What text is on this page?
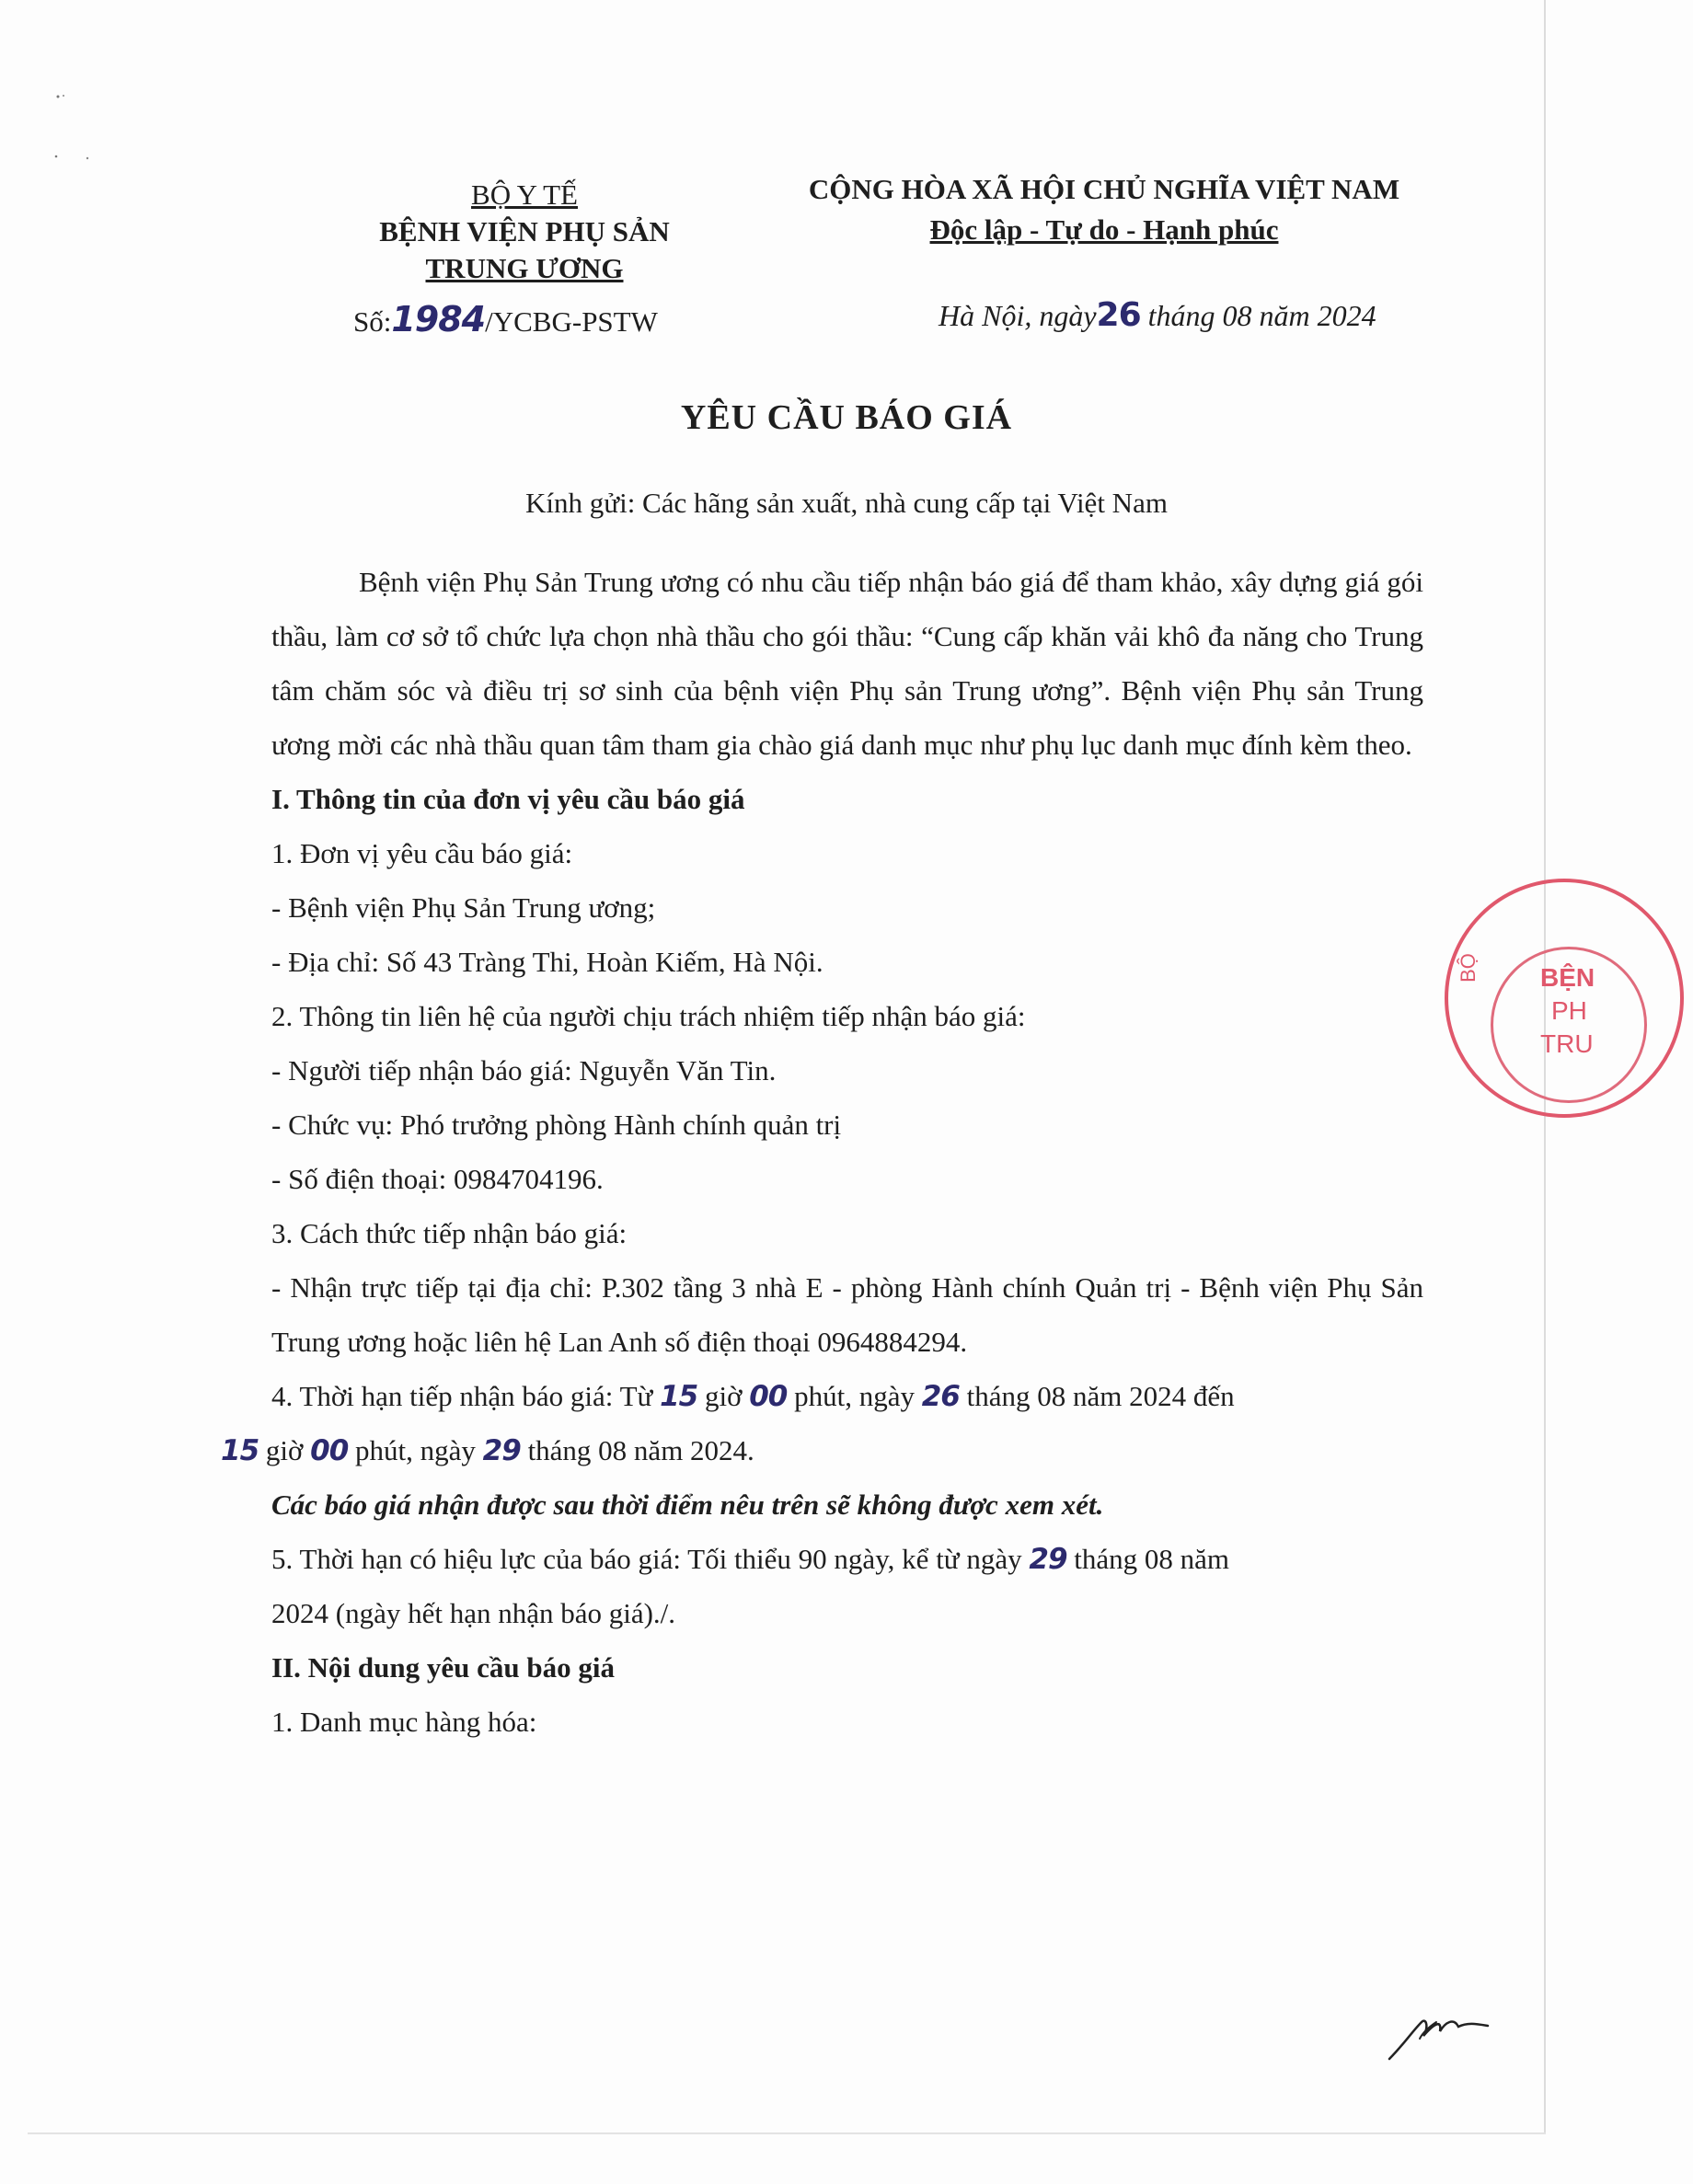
BỘ Y TẾ
BỆNH VIỆN PHỤ SẢN
TRUNG ƯƠNG
CỘNG HÒA XÃ HỘI CHỦ NGHĨA VIỆT NAM
Độc lập - Tự do - Hạnh phúc
Số:1984/YCBG-PSTW	Hà Nội, ngày26 tháng 08 năm 2024
YÊU CẦU BÁO GIÁ
Kính gửi: Các hãng sản xuất, nhà cung cấp tại Việt Nam

Bệnh viện Phụ Sản Trung ương có nhu cầu tiếp nhận báo giá để tham khảo, xây dựng giá gói thầu, làm cơ sở tổ chức lựa chọn nhà thầu cho gói thầu: “Cung cấp khăn vải khô đa năng cho Trung tâm chăm sóc và điều trị sơ sinh của bệnh viện Phụ sản Trung ương”. Bệnh viện Phụ sản Trung ương mời các nhà thầu quan tâm tham gia chào giá danh mục như phụ lục danh mục đính kèm theo.

I. Thông tin của đơn vị yêu cầu báo giá
1. Đơn vị yêu cầu báo giá:
- Bệnh viện Phụ Sản Trung ương;
- Địa chỉ: Số 43 Tràng Thi, Hoàn Kiếm, Hà Nội.
2. Thông tin liên hệ của người chịu trách nhiệm tiếp nhận báo giá:
- Người tiếp nhận báo giá: Nguyễn Văn Tin.
- Chức vụ: Phó trưởng phòng Hành chính quản trị
- Số điện thoại: 0984704196.
3. Cách thức tiếp nhận báo giá:

- Nhận trực tiếp tại địa chỉ: P.302 tầng 3 nhà E - phòng Hành chính Quản trị - Bệnh viện Phụ Sản Trung ương hoặc liên hệ Lan Anh số điện thoại 0964884294.

4. Thời hạn tiếp nhận báo giá: Từ 15 giờ 00 phút, ngày 26 tháng 08 năm 2024 đến
15 giờ 00 phút, ngày 29 tháng 08 năm 2024.
Các báo giá nhận được sau thời điểm nêu trên sẽ không được xem xét.
5. Thời hạn có hiệu lực của báo giá: Tối thiểu 90 ngày, kể từ ngày 29 tháng 08 năm
2024 (ngày hết hạn nhận báo giá)./.
II. Nội dung yêu cầu báo giá
1. Danh mục hàng hóa:
BỘ BỆN
PH
TRU
